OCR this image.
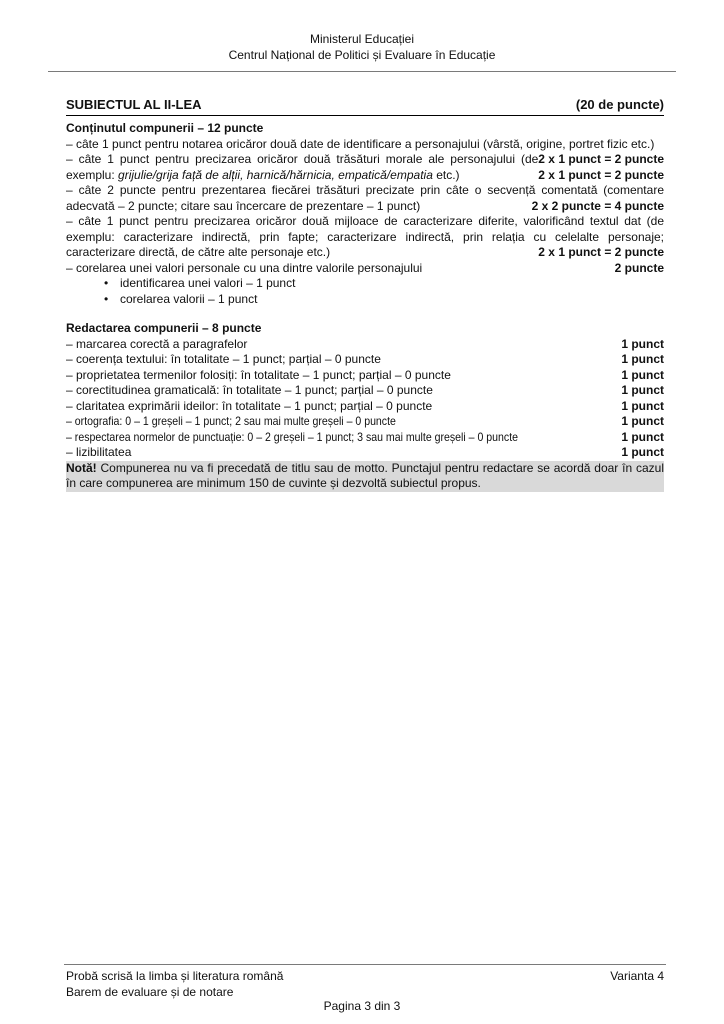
Ministerul Educației
Centrul Național de Politici și Evaluare în Educație
SUBIECTUL AL II-LEA	(20 de puncte)

Conținutul compunerii – 12 puncte

– câte 1 punct pentru notarea oricăror două date de identificare a personajului (vârstă, origine, portret fizic etc.)
2 x 1 punct = 2 puncte

– câte 1 punct pentru precizarea oricăror două trăsături morale ale personajului (de exemplu: grijulie/grija față de alții, harnică/hărnicia, empatică/empatia etc.)	2 x 1 punct = 2 puncte

– câte 2 puncte pentru prezentarea fiecărei trăsături precizate prin câte o secvență comentată (comentare adecvată – 2 puncte; citare sau încercare de prezentare – 1 punct)	2 x 2 puncte = 4 puncte

– câte 1 punct pentru precizarea oricăror două mijloace de caracterizare diferite, valorificând textul dat (de exemplu: caracterizare indirectă, prin fapte; caracterizare indirectă, prin relația cu celelalte personaje; caracterizare directă, de către alte personaje etc.)	2 x 1 punct = 2 puncte

– corelarea unei valori personale cu una dintre valorile personajului	2 puncte

• identificarea unei valori – 1 punct

• corelarea valorii – 1 punct

Redactarea compunerii – 8 puncte

– marcarea corectă a paragrafelor	1 punct
– coerența textului: în totalitate – 1 punct; parțial – 0 puncte	1 punct
– proprietatea termenilor folosiți: în totalitate – 1 punct; parțial – 0 puncte	1 punct
– corectitudinea gramaticală: în totalitate – 1 punct; parțial – 0 puncte	1 punct
– claritatea exprimării ideilor: în totalitate – 1 punct; parțial – 0 puncte	1 punct
– ortografia: 0 – 1 greșeli – 1 punct; 2 sau mai multe greșeli – 0 puncte	1 punct
– respectarea normelor de punctuație: 0 – 2 greșeli – 1 punct; 3 sau mai multe greșeli – 0 puncte	1 punct
– lizibilitatea	1 punct

Notă! Compunerea nu va fi precedată de titlu sau de motto. Punctajul pentru redactare se acordă doar în cazul în care compunerea are minimum 150 de cuvinte și dezvoltă subiectul propus.

Probă scrisă la limba și literatura română
Barem de evaluare și de notare
Varianta 4
Pagina 3 din 3
